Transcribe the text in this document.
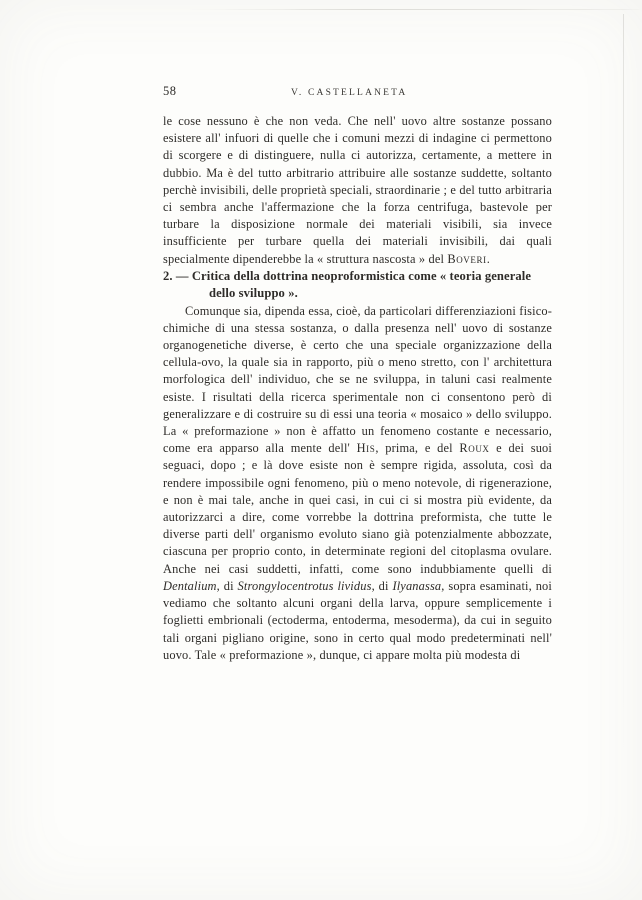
58	V. CASTELLANETA

le cose nessuno è che non veda. Che nell' uovo altre sostanze possano esistere all' infuori di quelle che i comuni mezzi di indagine ci permettono di scorgere e di distinguere, nulla ci autorizza, certamente, a mettere in dubbio. Ma è del tutto arbitrario attribuire alle sostanze suddette, soltanto perchè invisibili, delle proprietà speciali, straordinarie ; e del tutto arbitraria ci sembra anche l'affermazione che la forza centrifuga, bastevole per turbare la disposizione normale dei materiali visibili, sia invece insufficiente per turbare quella dei materiali invisibili, dai quali specialmente dipenderebbe la « struttura nascosta » del Boveri.

2. — Critica della dottrina neoproformistica come « teoria generale dello sviluppo ».

Comunque sia, dipenda essa, cioè, da particolari differenziazioni fisico-chimiche di una stessa sostanza, o dalla presenza nell' uovo di sostanze organogenetiche diverse, è certo che una speciale organizzazione della cellula-ovo, la quale sia in rapporto, più o meno stretto, con l' architettura morfologica dell' individuo, che se ne sviluppa, in taluni casi realmente esiste. I risultati della ricerca sperimentale non ci consentono però di generalizzare e di costruire su di essi una teoria « mosaico » dello sviluppo. La « preformazione » non è affatto un fenomeno costante e necessario, come era apparso alla mente dell' His, prima, e del Roux e dei suoi seguaci, dopo ; e là dove esiste non è sempre rigida, assoluta, così da rendere impossibile ogni fenomeno, più o meno notevole, di rigenerazione, e non è mai tale, anche in quei casi, in cui ci si mostra più evidente, da autorizzarci a dire, come vorrebbe la dottrina preformista, che tutte le diverse parti dell' organismo evoluto siano già potenzialmente abbozzate, ciascuna per proprio conto, in determinate regioni del citoplasma ovulare. Anche nei casi suddetti, infatti, come sono indubbiamente quelli di Dentalium, di Strongylocentrotus lividus, di Ilyanassa, sopra esaminati, noi vediamo che soltanto alcuni organi della larva, oppure semplicemente i foglietti embrionali (ectoderma, entoderma, mesoderma), da cui in seguito tali organi pigliano origine, sono in certo qual modo predeterminati nell' uovo. Tale « preformazione », dunque, ci appare molta più modesta di
